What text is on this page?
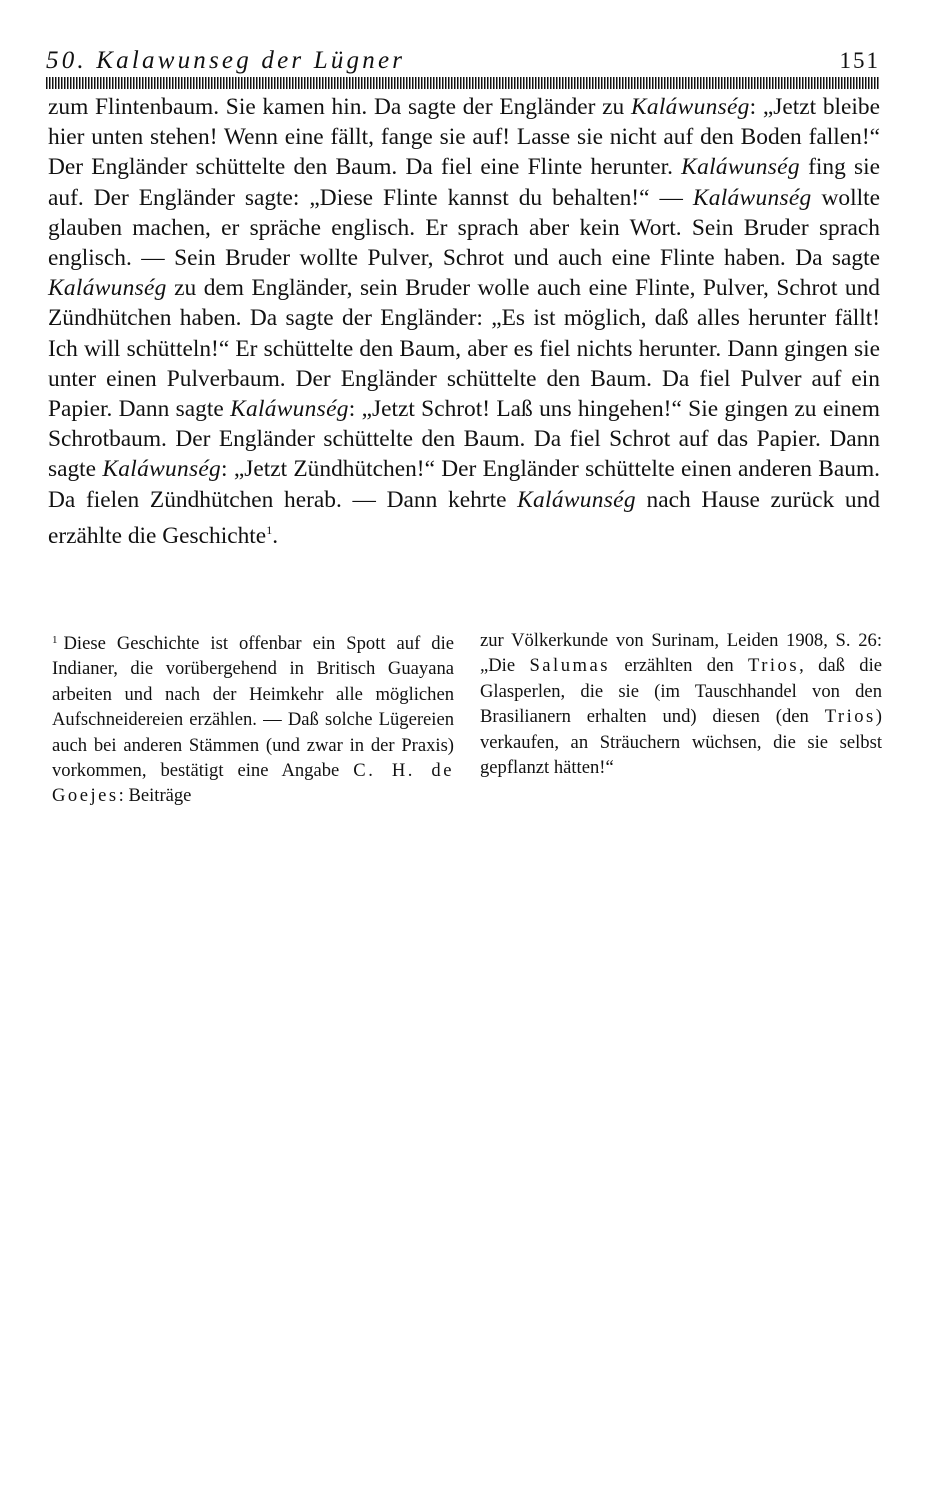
50. Kalawunseg der Lügner	151

zum Flintenbaum. Sie kamen hin. Da sagte der Engländer zu Kaláwunség: „Jetzt bleibe hier unten stehen! Wenn eine fällt, fange sie auf! Lasse sie nicht auf den Boden fallen!“ Der Engländer schüttelte den Baum. Da fiel eine Flinte herunter. Kaláwunség fing sie auf. Der Engländer sagte: „Diese Flinte kannst du behalten!“ — Kaláwunség wollte glauben machen, er spräche englisch. Er sprach aber kein Wort. Sein Bruder sprach englisch. — Sein Bruder wollte Pulver, Schrot und auch eine Flinte haben. Da sagte Kaláwunség zu dem Engländer, sein Bruder wolle auch eine Flinte, Pulver, Schrot und Zündhütchen haben. Da sagte der Engländer: „Es ist möglich, daß alles herunter fällt! Ich will schütteln!“ Er schüttelte den Baum, aber es fiel nichts herunter. Dann gingen sie unter einen Pulverbaum. Der Engländer schüttelte den Baum. Da fiel Pulver auf ein Papier. Dann sagte Kaláwunség: „Jetzt Schrot! Laß uns hingehen!“ Sie gingen zu einem Schrotbaum. Der Engländer schüttelte den Baum. Da fiel Schrot auf das Papier. Dann sagte Kaláwunség: „Jetzt Zündhütchen!“ Der Engländer schüttelte einen anderen Baum. Da fielen Zündhütchen herab. — Dann kehrte Kaláwunség nach Hause zurück und erzählte die Geschichte$^1$.

$^1$ Diese Geschichte ist offenbar ein Spott auf die Indianer, die vorübergehend in Britisch Guayana arbeiten und nach der Heimkehr alle möglichen Aufschneidereien erzählen. — Daß solche Lügereien auch bei anderen Stämmen (und zwar in der Praxis) vorkommen, bestätigt eine Angabe C. H. de Goejes: Beiträge

zur Völkerkunde von Surinam, Leiden 1908, S. 26: „Die Salumas erzählten den Trios, daß die Glasperlen, die sie (im Tauschhandel von den Brasilianern erhalten und) diesen (den Trios) verkaufen, an Sträuchern wüchsen, die sie selbst gepflanzt hätten!“
